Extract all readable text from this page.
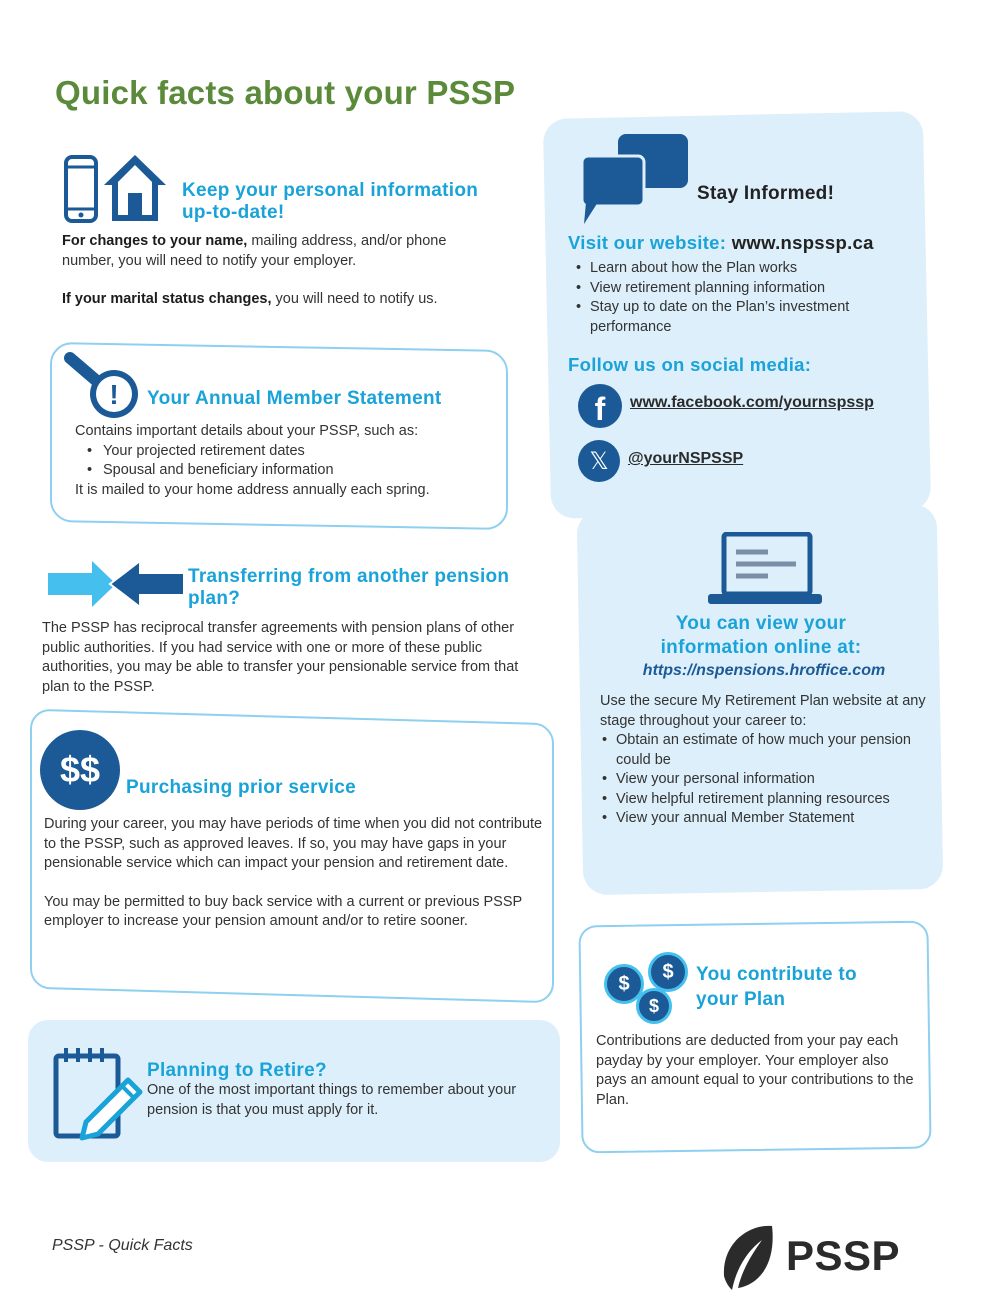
Quick facts about your PSSP
Keep your personal information up-to-date!

For changes to your name, mailing address, and/or phone number, you will need to notify your employer.

If your marital status changes, you will need to notify us.

! Your Annual Member Statement

Contains important details about your PSSP, such as:

• Your projected retirement dates
• Spousal and beneficiary information

It is mailed to your home address annually each spring.

Transferring from another pension
plan?
The PSSP has reciprocal transfer agreements with pension plans of other public authorities. If you had service with one or more of these public authorities, you may be able to transfer your pensionable service from that plan to the PSSP.
$$	Purchasing prior service

During your career, you may have periods of time when you did not contribute to the PSSP, such as approved leaves. If so, you may have gaps in your pensionable service which can impact your pension and retirement date.

You may be permitted to buy back service with a current or previous PSSP employer to increase your pension amount and/or to retire sooner.

Planning to Retire?
One of the most important things to remember about your pension is that you must apply for it.
Stay Informed!
Visit our website: www.nspssp.ca
• Learn about how the Plan works
• View retirement planning information
• Stay up to date on the Plan’s investment performance
Follow us on social media:
f	www.facebook.com/yournspssp
𝕏	@yourNSPSSP
You can view your
information online at:
https://nspensions.hroffice.com

Use the secure My Retirement Plan website at any stage throughout your career to:

• Obtain an estimate of how much your pension could be
• View your personal information
• View helpful retirement planning resources
• View your annual Member Statement
$
$
$
You contribute to
your Plan
Contributions are deducted from your pay each payday by your employer. Your employer also pays an amount equal to your contributions to the Plan.
PSSP - Quick Facts	PSSP
